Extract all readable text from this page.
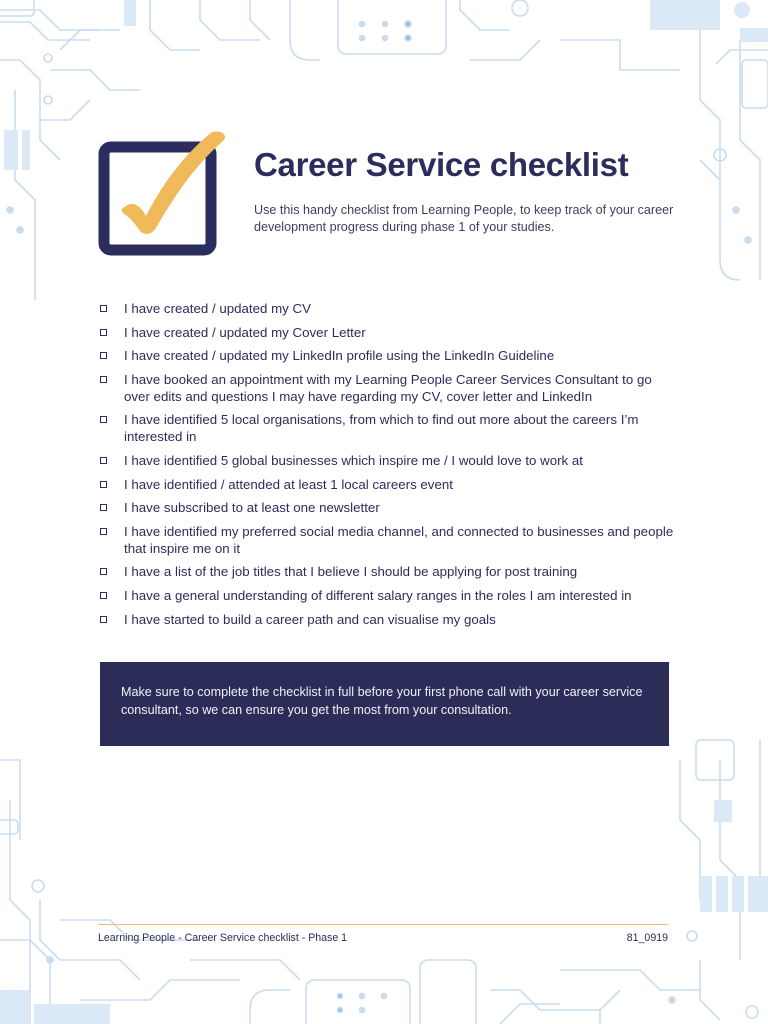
Career Service checklist
Use this handy checklist from Learning People, to keep track of your career development progress during phase 1 of your studies.
I have created / updated my CV
I have created / updated my Cover Letter
I have created / updated my LinkedIn profile using the LinkedIn Guideline
I have booked an appointment with my Learning People Career Services Consultant to go over edits and questions I may have regarding my CV, cover letter and LinkedIn
I have identified 5 local organisations, from which to find out more about the careers I’m interested in
I have identified 5 global businesses which inspire me / I would love to work at
I have identified / attended at least 1 local careers event
I have subscribed to at least one newsletter
I have identified my preferred social media channel, and connected to businesses and people that inspire me on it
I have a list of the job titles that I believe I should be applying for post training
I have a general understanding of different salary ranges in the roles I am interested in
I have started to build a career path and can visualise my goals
Make sure to complete the checklist in full before your first phone call with your career service consultant, so we can ensure you get the most from your consultation.
Learning People - Career Service checklist - Phase 1	81_0919
